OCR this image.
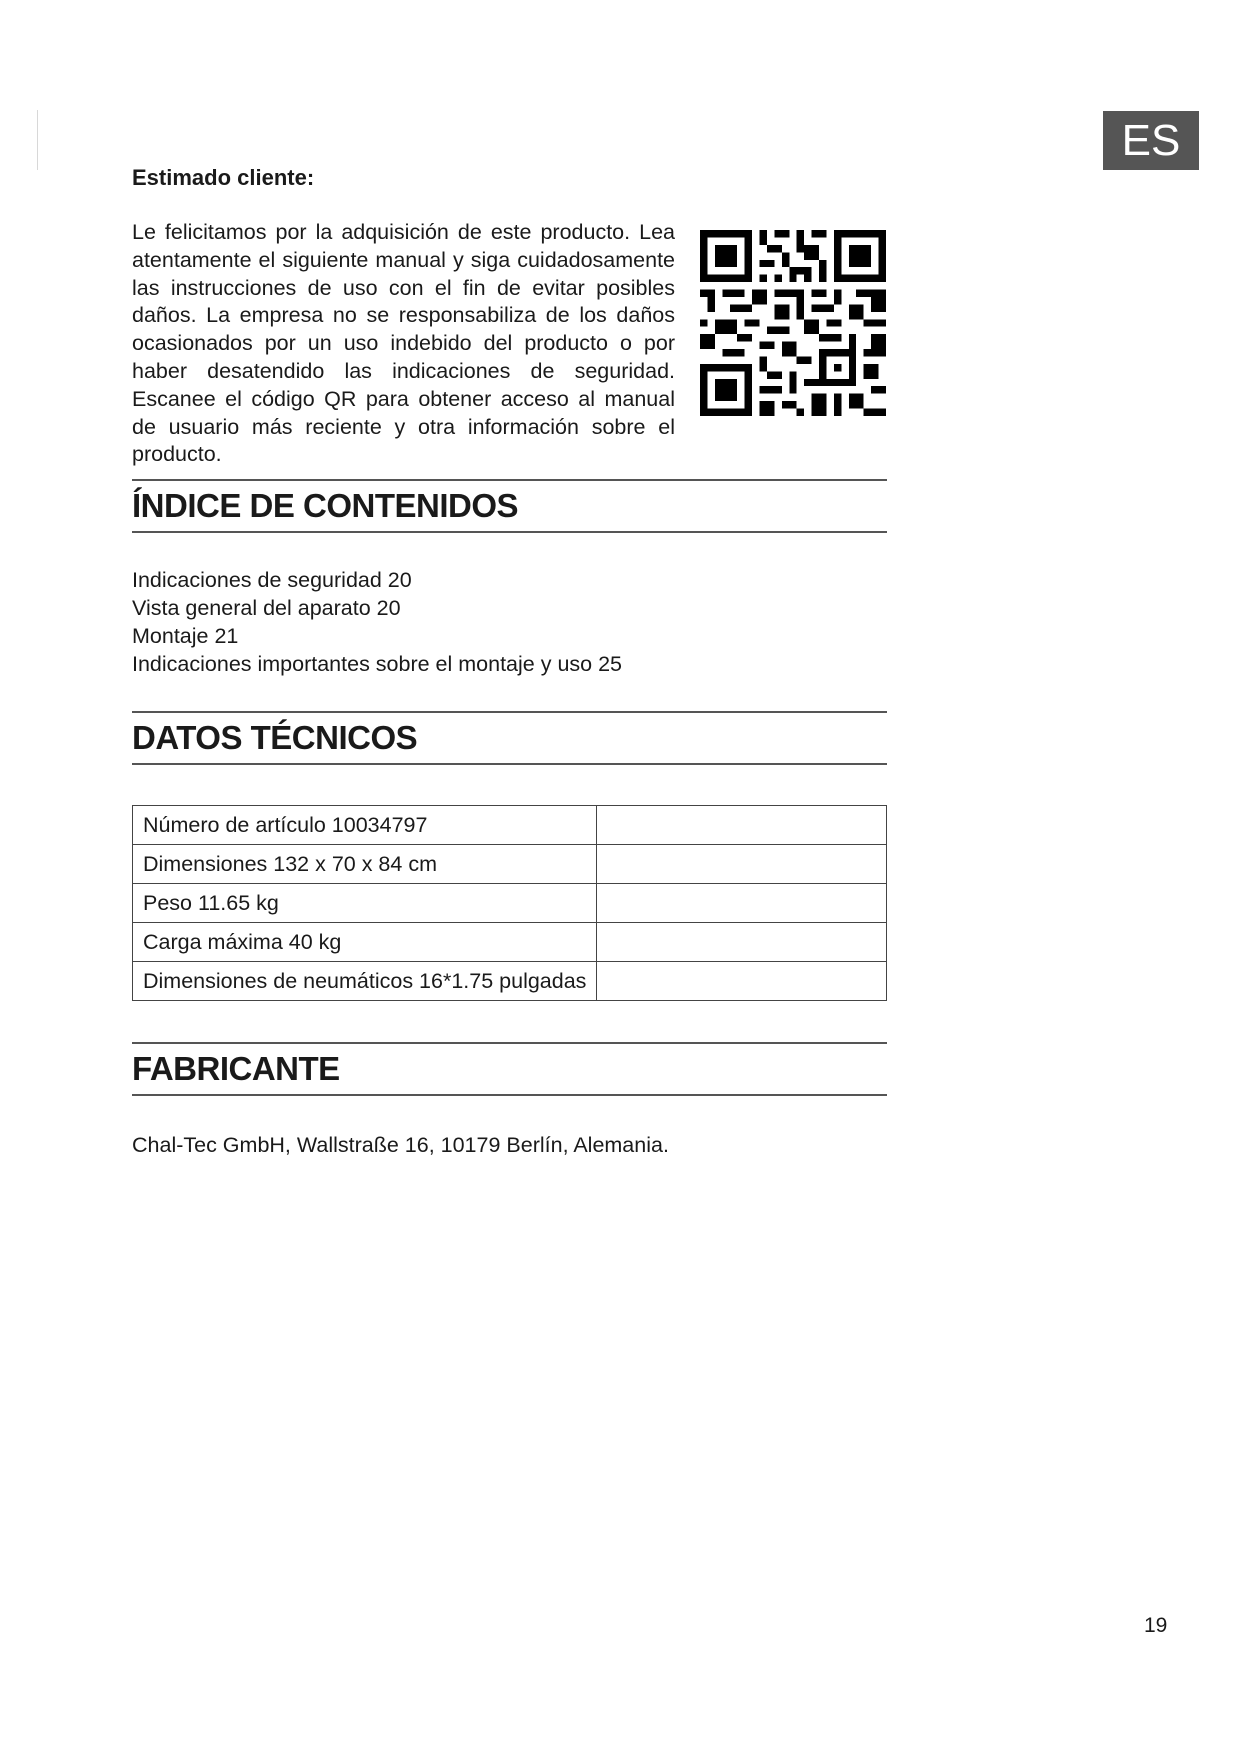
ES
Estimado cliente:

Le felicitamos por la adquisición de este producto. Lea atentamente el siguiente manual y siga cuidadosamente las instrucciones de uso con el fin de evitar posibles daños. La empresa no se responsabiliza de los daños ocasionados por un uso indebido del producto o por haber desatendido las indicaciones de seguridad. Escanee el código QR para obtener acceso al manual de usuario más reciente y otra información sobre el producto.

ÍNDICE DE CONTENIDOS
Indicaciones de seguridad 20
Vista general del aparato 20
Montaje 21
Indicaciones importantes sobre el montaje y uso 25
DATOS TÉCNICOS
Número de artículo 10034797	
Dimensiones 132 x 70 x 84 cm	
Peso 11.65 kg	
Carga máxima 40 kg	
Dimensiones de neumáticos 16*1.75 pulgadas	
FABRICANTE
Chal-Tec GmbH, Wallstraße 16, 10179 Berlín, Alemania.
19
